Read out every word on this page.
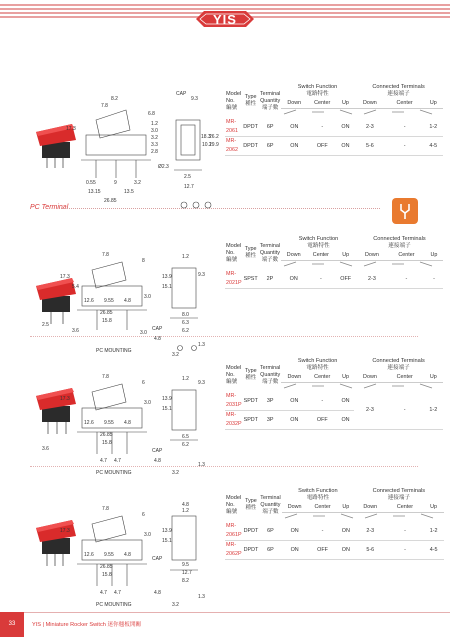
YIS
PC Terminal
CAP
9.3
8.2
7.8
17.3
6.8
1.2
3.0
3.2
3.3
2.8
0.55	9	3.2
13.15	13.5
26.85
18.3
10.1
26.2
29.9
2.5
12.7
Ø2.3
Model No.
編號	Type
種性	Terminal
Quantity
端子數	Switch Function
電路特性			Connected Terminals
連接端子		
			Down	Center	Up	Down	Center	Up

MR-2061	DPDT	6P	ON	-	ON	2-3	-	1-2
MR-2062	DPDT	6P	ON	OFF	ON	5-6	-	4-5
7.8	1.2
8
17.3
5.4
12.6 9.55 4.8
3.0
26.85
15.8
13.9
15.1
9.3
8.0
6.3
6.2
CAP
4.8
3.2
1.3
3.6
2.5
3.0
PC MOUNTING
Model No.
編號	Type
種性	Terminal
Quantity
端子數	Switch Function
電路特性			Connected Terminals
連接端子		
			Down	Center	Up	Down	Center	Up

MR-2021P	SPST	2P	ON	-	OFF	2-3	-	-
7.8	1.2
6
17.3
3.0
12.6 9.55 4.8
26.85
15.8
4.7 4.7
13.9
15.1
6.5
6.2
CAP
9.3
4.8
3.2
1.3
3.6
PC MOUNTING
Model No.
編號	Type
種性	Terminal
Quantity
端子數	Switch Function
電路特性			Connected Terminals
連接端子		
			Down	Center	Up	Down	Center	Up

MR-2031P	SPDT	3P	ON	-	ON	2-3	-	1-2
MR-2032P	SPDT	3P	ON	OFF	ON			
4.8
1.2
7.8
6
17.3
3.0
12.6 9.55 4.8
26.85
15.8
4.7 4.7
13.9
15.1
9.5
12.7
8.2
CAP
4.8
3.2
1.3
PC MOUNTING
Model No.
編號	Type
種性	Terminal
Quantity
端子數	Switch Function
電路特性			Connected Terminals
連接端子		
			Down	Center	Up	Down	Center	Up

MR-2061P	DPDT	6P	ON	-	ON	2-3	-	1-2
MR-2062P	DPDT	6P	ON	OFF	ON	5-6	-	4-5
33	YIS | Miniature Rocker Switch 迷你翹板開關
